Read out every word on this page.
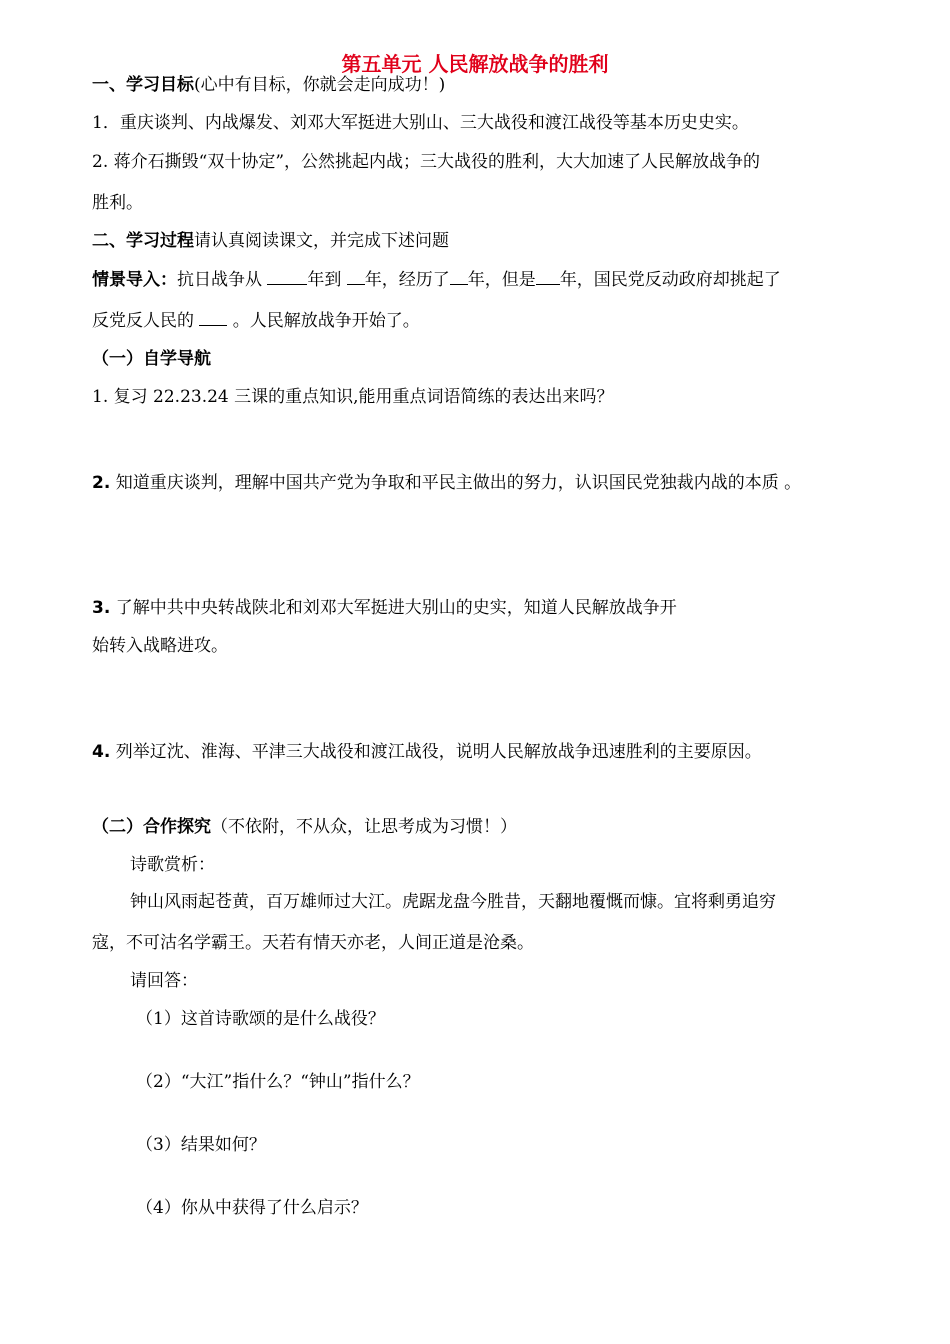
第五单元 人民解放战争的胜利
一、学习目标(心中有目标，你就会走向成功！)
1．重庆谈判、内战爆发、刘邓大军挺进大别山、三大战役和渡江战役等基本历史史实。
2. 蒋介石撕毁“双十协定”，公然挑起内战；三大战役的胜利，大大加速了人民解放战争的
胜利。
二、学习过程请认真阅读课文，并完成下述问题
情景导入：抗日战争从 年到 年，经历了 年，但是 年，国民党反动政府却挑起了
反党反人民的  。人民解放战争开始了。
（一）自学导航
1. 复习 22.23.24 三课的重点知识,能用重点词语简练的表达出来吗？
2. 知道重庆谈判，理解中国共产党为争取和平民主做出的努力，认识国民党独裁内战的本质 。
3. 了解中共中央转战陕北和刘邓大军挺进大别山的史实，知道人民解放战争开
始转入战略进攻。
4. 列举辽沈、淮海、平津三大战役和渡江战役，说明人民解放战争迅速胜利的主要原因。
（二）合作探究（不依附，不从众，让思考成为习惯！）
诗歌赏析：
钟山风雨起苍黄，百万雄师过大江。虎踞龙盘今胜昔，天翻地覆慨而慷。宜将剩勇追穷
寇，不可沽名学霸王。天若有情天亦老，人间正道是沧桑。
请回答：
（1）这首诗歌颂的是什么战役？
（2）“大江”指什么？“钟山”指什么？
（3）结果如何？
（4）你从中获得了什么启示？
